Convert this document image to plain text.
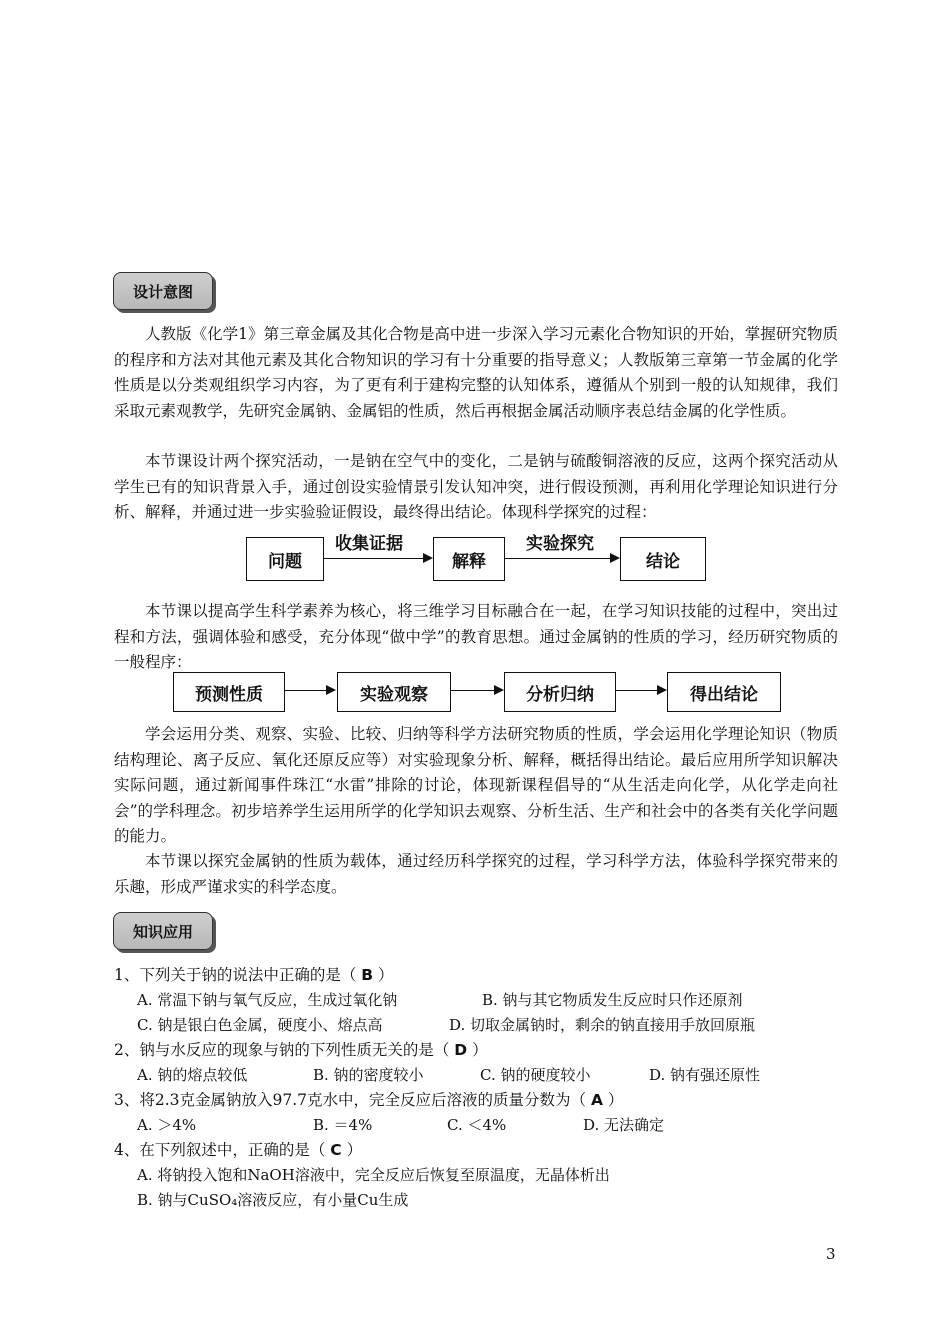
设计意图

人教版《化学1》第三章金属及其化合物是高中进一步深入学习元素化合物知识的开始，掌握研究物质的程序和方法对其他元素及其化合物知识的学习有十分重要的指导意义；人教版第三章第一节金属的化学性质是以分类观组织学习内容，为了更有利于建构完整的认知体系，遵循从个别到一般的认知规律，我们采取元素观教学，先研究金属钠、金属铝的性质，然后再根据金属活动顺序表总结金属的化学性质。

本节课设计两个探究活动，一是钠在空气中的变化，二是钠与硫酸铜溶液的反应，这两个探究活动从学生已有的知识背景入手，通过创设实验情景引发认知冲突，进行假设预测，再利用化学理论知识进行分析、解释，并通过进一步实验验证假设，最终得出结论。体现科学探究的过程：

问题
收集证据
解释
实验探究
结论

本节课以提高学生科学素养为核心，将三维学习目标融合在一起，在学习知识技能的过程中，突出过程和方法，强调体验和感受，充分体现“做中学”的教育思想。通过金属钠的性质的学习，经历研究物质的一般程序：

预测性质	实验观察	分析归纳	得出结论

学会运用分类、观察、实验、比较、归纳等科学方法研究物质的性质，学会运用化学理论知识（物质结构理论、离子反应、氧化还原反应等）对实验现象分析、解释，概括得出结论。最后应用所学知识解决实际问题，通过新闻事件珠江“水雷”排除的讨论，体现新课程倡导的“从生活走向化学，从化学走向社会”的学科理念。初步培养学生运用所学的化学知识去观察、分析生活、生产和社会中的各类有关化学问题的能力。

本节课以探究金属钠的性质为载体，通过经历科学探究的过程，学习科学方法，体验科学探究带来的乐趣，形成严谨求实的科学态度。

知识应用
1、下列关于钠的说法中正确的是（ B ）
A. 常温下钠与氧气反应，生成过氧化钠	B. 钠与其它物质发生反应时只作还原剂
C. 钠是银白色金属，硬度小、熔点高	D. 切取金属钠时，剩余的钠直接用手放回原瓶
2、钠与水反应的现象与钠的下列性质无关的是（ D ）
A. 钠的熔点较低	B. 钠的密度较小	C. 钠的硬度较小	D. 钠有强还原性
3、将2.3克金属钠放入97.7克水中，完全反应后溶液的质量分数为（ A ）
A. ＞4%	B. ＝4%	C. ＜4%	D. 无法确定
4、在下列叙述中，正确的是（ C ）
A. 将钠投入饱和NaOH溶液中，完全反应后恢复至原温度，无晶体析出
B. 钠与CuSO₄溶液反应，有小量Cu生成
3
